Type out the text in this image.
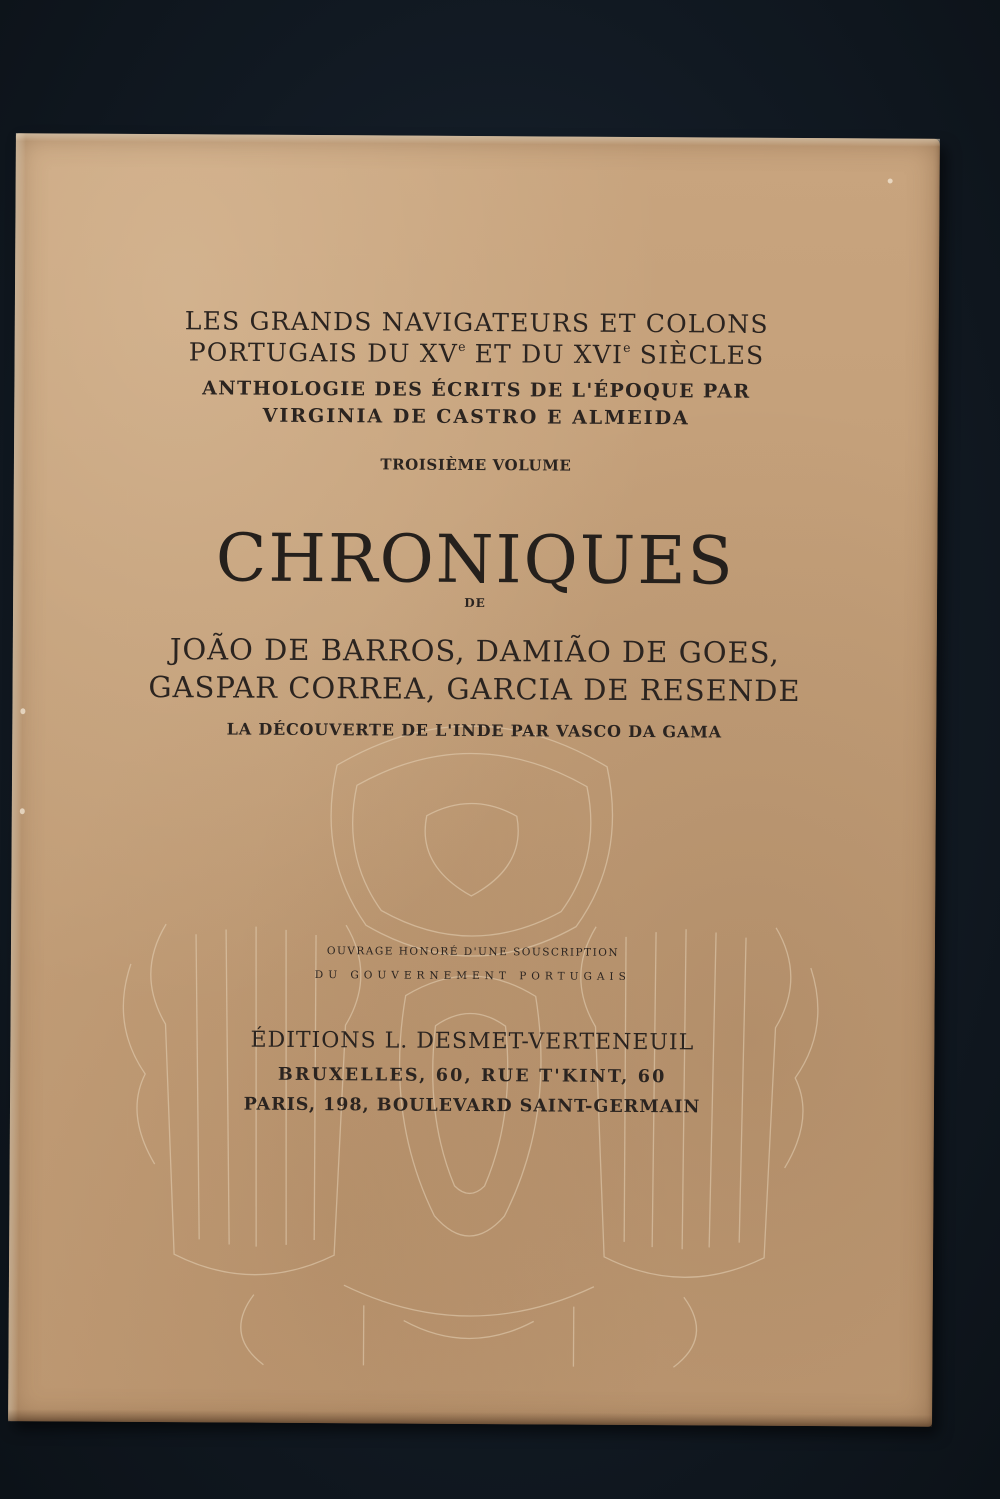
LES GRANDS NAVIGATEURS ET COLONS
PORTUGAIS DU XVe ET DU XVIe SIÈCLES
ANTHOLOGIE DES ÉCRITS DE L'ÉPOQUE PAR
VIRGINIA DE CASTRO E ALMEIDA
TROISIÈME VOLUME
CHRONIQUES
DE
JOÃO DE BARROS, DAMIÃO DE GOES,
GASPAR CORREA, GARCIA DE RESENDE
LA DÉCOUVERTE DE L'INDE PAR VASCO DA GAMA
OUVRAGE HONORÉ D'UNE SOUSCRIPTION
DU GOUVERNEMENT PORTUGAIS
ÉDITIONS L. DESMET-VERTENEUIL
BRUXELLES, 60, RUE T'KINT, 60
PARIS, 198, BOULEVARD SAINT-GERMAIN
